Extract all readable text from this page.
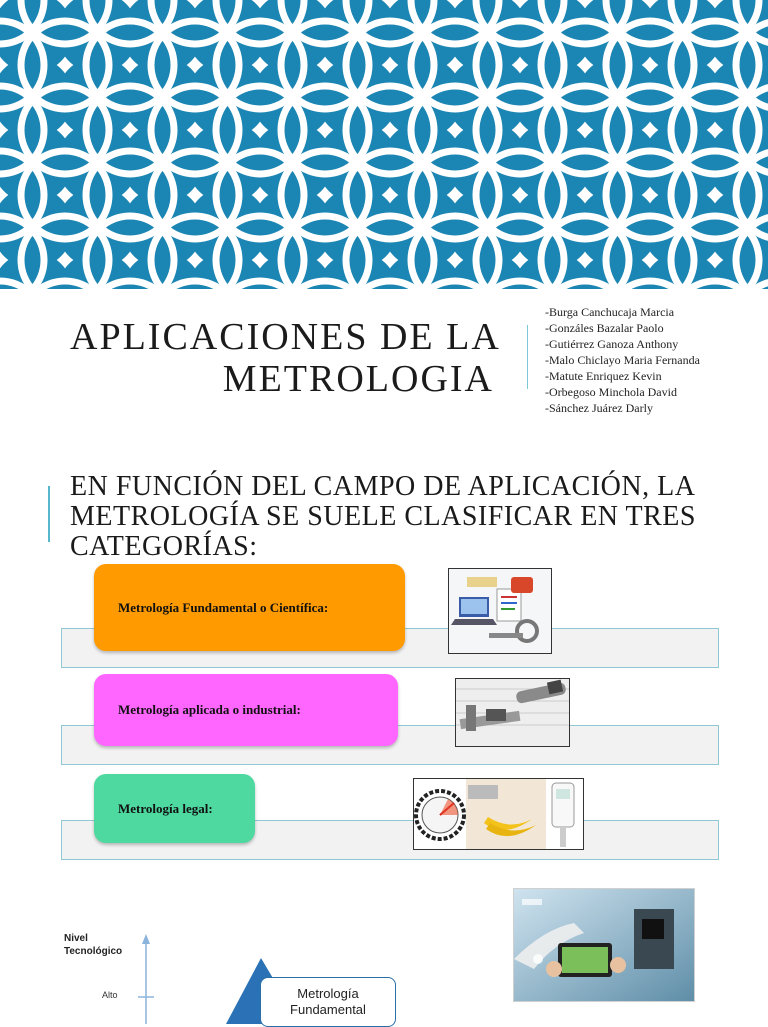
APLICACIONES DE LA
METROLOGIA
-Burga Canchucaja Marcia
-Gonzáles Bazalar Paolo
-Gutiérrez Ganoza Anthony
-Malo Chiclayo Maria Fernanda
-Matute Enriquez Kevin
-Orbegoso Minchola David
-Sánchez Juárez Darly
EN FUNCIÓN DEL CAMPO DE APLICACIÓN, LA METROLOGÍA SE SUELE CLASIFICAR EN TRES CATEGORÍAS:
Metrología Fundamental o Científica:
Metrología aplicada o industrial:
Metrología legal:
Nivel Tecnológico
Alto	Metrología Fundamental
